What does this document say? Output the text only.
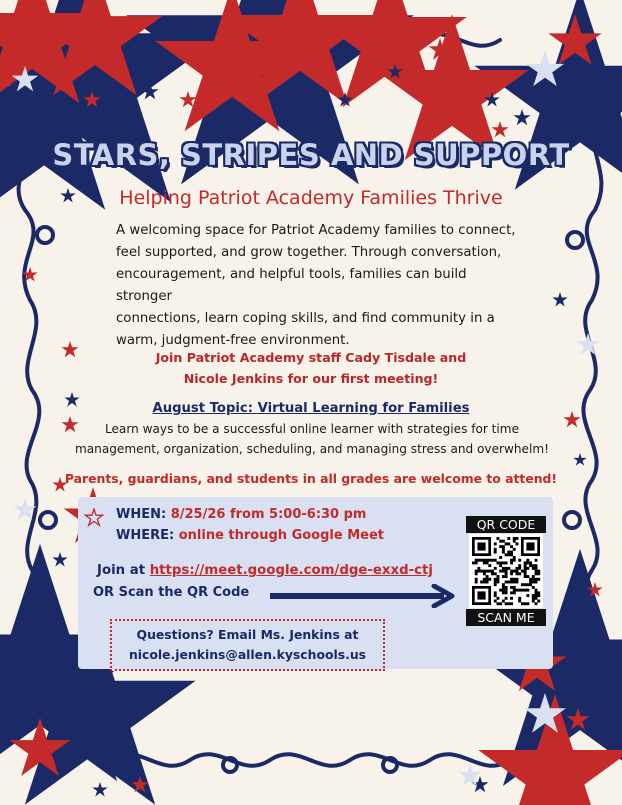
STARS, STRIPES AND SUPPORT
Helping Patriot Academy Families Thrive
A welcoming space for Patriot Academy families to connect,
feel supported, and grow together. Through conversation,
encouragement, and helpful tools, families can build stronger
connections, learn coping skills, and find community in a
warm, judgment-free environment.
Join Patriot Academy staff Cady Tisdale and
Nicole Jenkins for our first meeting!
August Topic: Virtual Learning for Families
Learn ways to be a successful online learner with strategies for time
management, organization, scheduling, and managing stress and overwhelm!
Parents, guardians, and students in all grades are welcome to attend!
WHEN: 8/25/26 from 5:00-6:30 pm
WHERE: online through Google Meet
Join at https://meet.google.com/dge-exxd-ctj
OR Scan the QR Code
QR CODE
SCAN ME
Questions? Email Ms. Jenkins at
nicole.jenkins@allen.kyschools.us
